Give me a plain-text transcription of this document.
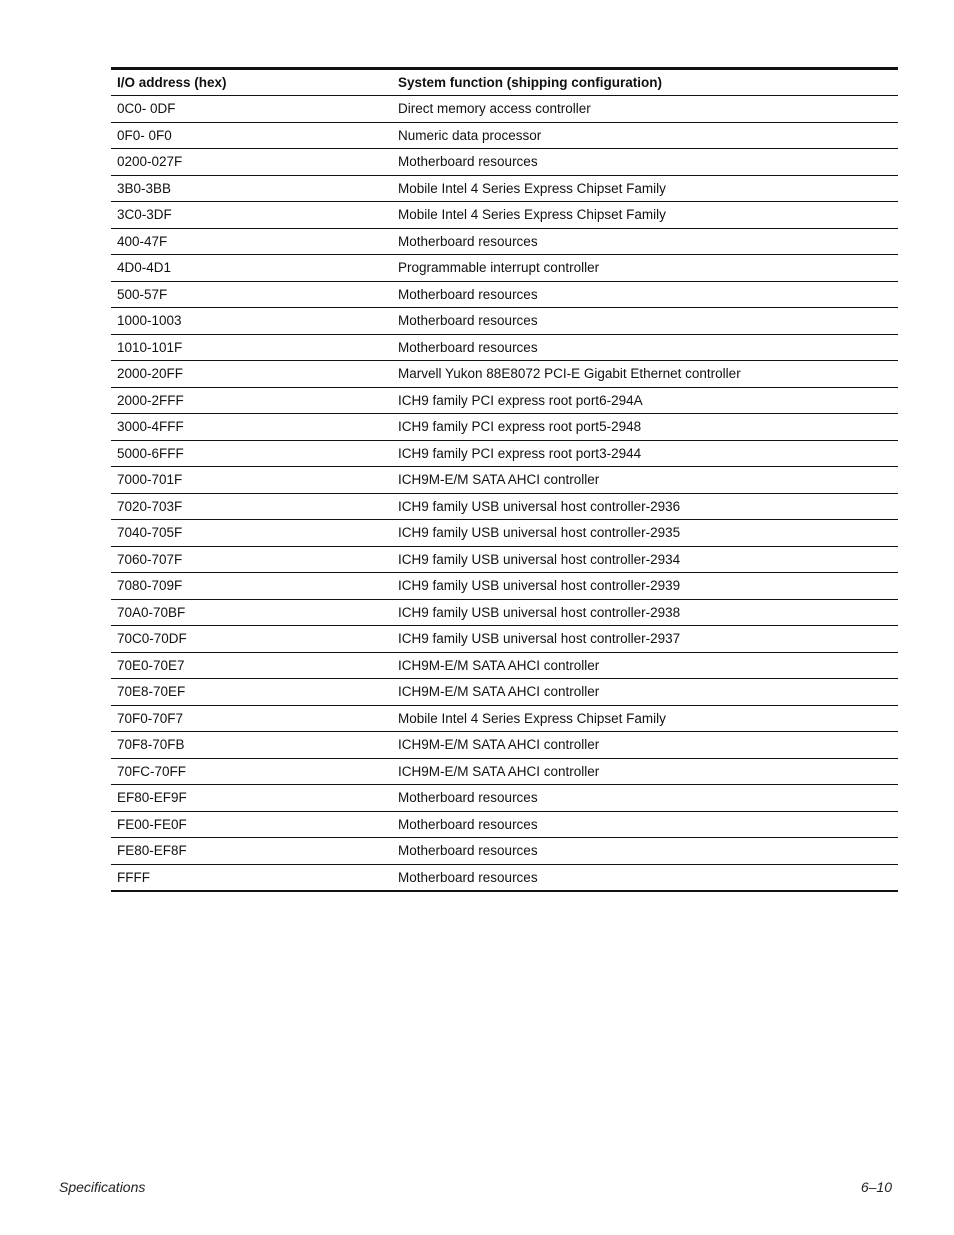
I/O address (hex)	System function (shipping configuration)
0C0- 0DF	Direct memory access controller
0F0- 0F0	Numeric data processor
0200-027F	Motherboard resources
3B0-3BB	Mobile Intel 4 Series Express Chipset Family
3C0-3DF	Mobile Intel 4 Series Express Chipset Family
400-47F	Motherboard resources
4D0-4D1	Programmable interrupt controller
500-57F	Motherboard resources
1000-1003	Motherboard resources
1010-101F	Motherboard resources
2000-20FF	Marvell Yukon 88E8072 PCI-E Gigabit Ethernet controller
2000-2FFF	ICH9 family PCI express root port6-294A
3000-4FFF	ICH9 family PCI express root port5-2948
5000-6FFF	ICH9 family PCI express root port3-2944
7000-701F	ICH9M-E/M SATA AHCI controller
7020-703F	ICH9 family USB universal host controller-2936
7040-705F	ICH9 family USB universal host controller-2935
7060-707F	ICH9 family USB universal host controller-2934
7080-709F	ICH9 family USB universal host controller-2939
70A0-70BF	ICH9 family USB universal host controller-2938
70C0-70DF	ICH9 family USB universal host controller-2937
70E0-70E7	ICH9M-E/M SATA AHCI controller
70E8-70EF	ICH9M-E/M SATA AHCI controller
70F0-70F7	Mobile Intel 4 Series Express Chipset Family
70F8-70FB	ICH9M-E/M SATA AHCI controller
70FC-70FF	ICH9M-E/M SATA AHCI controller
EF80-EF9F	Motherboard resources
FE00-FE0F	Motherboard resources
FE80-EF8F	Motherboard resources
FFFF	Motherboard resources
Specifications	6–10
